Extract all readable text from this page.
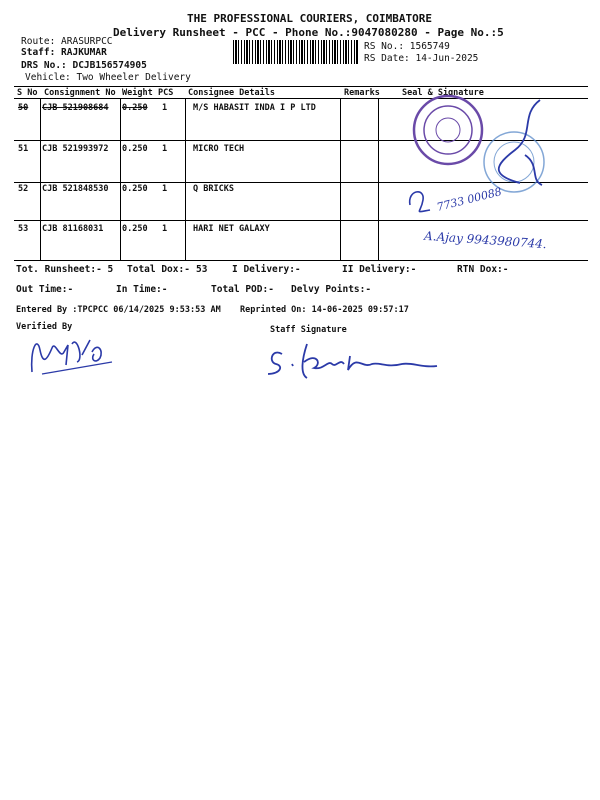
THE PROFESSIONAL COURIERS, COIMBATORE
Delivery Runsheet - PCC - Phone No.:9047080280 - Page No.:5
Route: ARASURPCC
Staff: RAJKUMAR
DRS No.: DCJB156574905
Vehicle: Two Wheeler Delivery
RS No.: 1565749
RS Date: 14-Jun-2025
S No Consignment No Weight PCS Consignee Details	Remarks	Seal & Signature
50 CJB 521908684 0.250 1	M/S HABASIT INDA I P LTD
51 CJB 521993972 0.250 1	MICRO TECH
52 CJB 521848530 0.250 1	Q BRICKS
53 CJB 81168031 0.250 1	HARI NET GALAXY
7733 00088
A.Ajay 9943980744.
Tot. Runsheet:- 5 Total Dox:- 53	I Delivery:-	II Delivery:-	RTN Dox:-
Out Time:-	In Time:-	Total POD:- Delvy Points:-
Entered By :TPCPCC 06/14/2025 9:53:53 AM Reprinted On: 14-06-2025 09:57:17
Verified By	Staff Signature
